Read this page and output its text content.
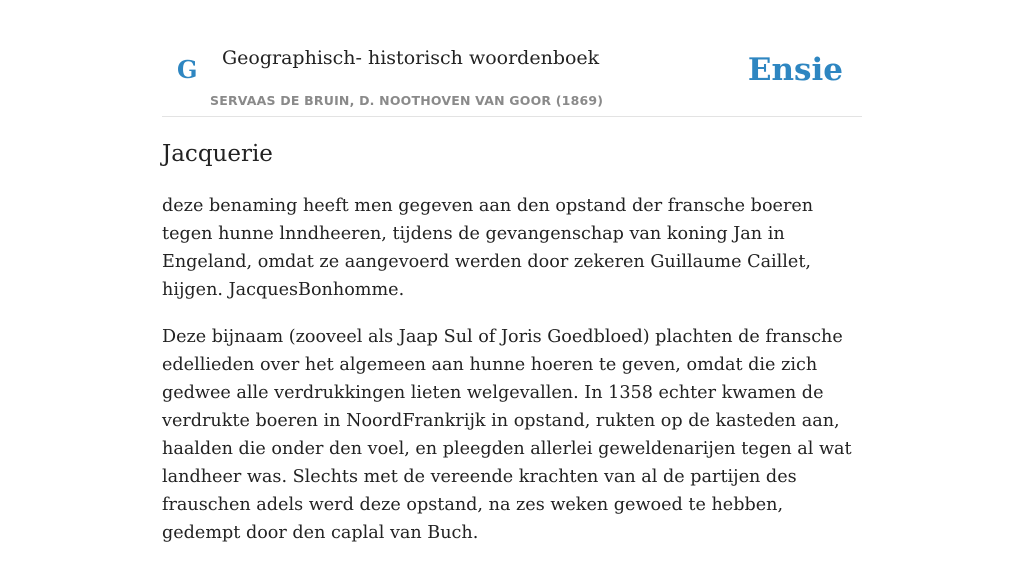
G Geographisch- historisch woordenboek
SERVAAS DE BRUIN, D. NOOTHOVEN VAN GOOR (1869)
Ensie
Jacquerie

deze benaming heeft men gegeven aan den opstand der fransche boeren tegen hunne lnndheeren, tijdens de gevangenschap van koning Jan in Engeland, omdat ze aangevoerd werden door zekeren Guillaume Caillet, hijgen. JacquesBonhomme.

Deze bijnaam (zooveel als Jaap Sul of Joris Goedbloed) plachten de fransche edellieden over het algemeen aan hunne hoeren te geven, omdat die zich gedwee alle verdrukkingen lieten welgevallen. In 1358 echter kwamen de verdrukte boeren in NoordFrankrijk in opstand, rukten op de kasteden aan, haalden die onder den voel, en pleegden allerlei geweldenarijen tegen al wat landheer was. Slechts met de vereende krachten van al de partijen des frauschen adels werd deze opstand, na zes weken gewoed te hebben, gedempt door den caplal van Buch.
